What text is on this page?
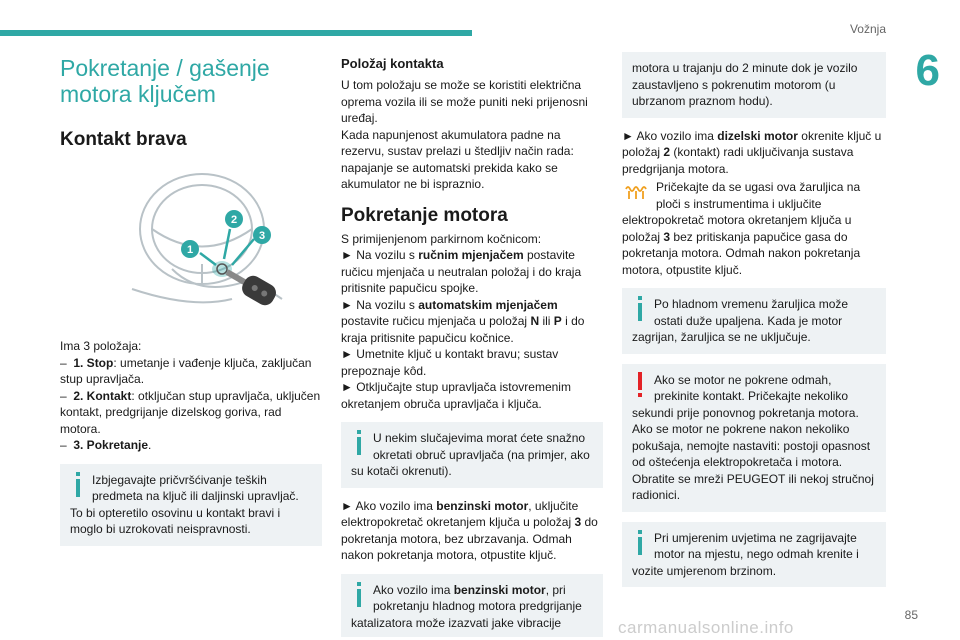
Vožnja
6
Pokretanje / gašenje motora ključem
Kontakt brava
1
2
3

Ima 3 položaja:

–  1. Stop: umetanje i vađenje ključa, zaključan stup upravljača.

–  2. Kontakt: otključan stup upravljača, uključen kontakt, predgrijanje dizelskog goriva, rad motora.

–  3. Pokretanje.

Izbjegavajte pričvršćivanje teških predmeta na ključ ili daljinski upravljač.
To bi opteretilo osovinu u kontakt bravi i moglo bi uzrokovati neispravnosti.
Položaj kontakta

U tom položaju se može se koristiti električna oprema vozila ili se može puniti neki prijenosni uređaj.

Kada napunjenost akumulatora padne na rezervu, sustav prelazi u štedljiv način rada: napajanje se automatski prekida kako se akumulator ne bi ispraznio.

Pokretanje motora

S primijenjenom parkirnom kočnicom:

► Na vozilu s ručnim mjenjačem postavite ručicu mjenjača u neutralan položaj i do kraja pritisnite papučicu spojke.

► Na vozilu s automatskim mjenjačem postavite ručicu mjenjača u položaj N ili P i do kraja pritisnite papučicu kočnice.

► Umetnite ključ u kontakt bravu; sustav prepoznaje kôd.

► Otključajte stup upravljača istovremenim okretanjem obruča upravljača i ključa.

U nekim slučajevima morat ćete snažno okretati obruč upravljača (na primjer, ako
su kotači okrenuti).

► Ako vozilo ima benzinski motor, uključite elektropokretač okretanjem ključa u položaj 3 do pokretanja motora, bez ubrzavanja. Odmah nakon pokretanja motora, otpustite ključ.

Ako vozilo ima benzinski motor, pri pokretanju hladnog motora predgrijanje
katalizatora može izazvati jake vibracije
motora u trajanju do 2 minute dok je vozilo zaustavljeno s pokrenutim motorom (u ubrzanom praznom hodu).

► Ako vozilo ima dizelski motor okrenite ključ u položaj 2 (kontakt) radi uključivanja sustava predgrijanja motora.

Pričekajte da se ugasi ova žaruljica na ploči s instrumentima i uključite

elektropokretač motora okretanjem ključa u položaj 3 bez pritiskanja papučice gasa do pokretanja motora. Odmah nakon pokretanja motora, otpustite ključ.

Po hladnom vremenu žaruljica može ostati duže upaljena. Kada je motor
zagrijan, žaruljica se ne uključuje.
Ako se motor ne pokrene odmah, prekinite kontakt. Pričekajte nekoliko
sekundi prije ponovnog pokretanja motora. Ako se motor ne pokrene nakon nekoliko pokušaja, nemojte nastaviti: postoji opasnost od oštećenja elektropokretača i motora. Obratite se mreži PEUGEOT ili nekoj stručnoj radionici.
Pri umjerenim uvjetima ne zagrijavajte motor na mjestu, nego odmah krenite i
vozite umjerenom brzinom.
85
carmanualsonline.info
